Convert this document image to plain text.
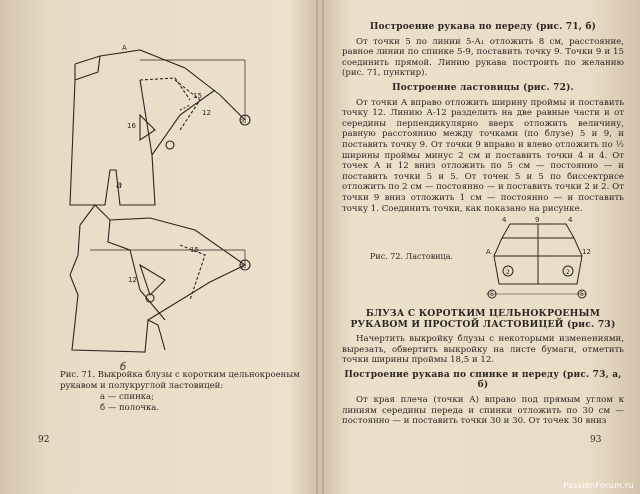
А
15
12
16	20
15
12
20
а
б
Рис. 71. Выкройка блузы с коротким цельнокроеным рукавом и полукруглой ластовицей:
а — спинка;
б — полочка.
92
Построение рукава по переду (рис. 71, б)

От точки 5 по линии 5-А₁ отложить 8 см, расстояние, равное линии по спинке 5-9, поставить точку 9. Точки 9 и 15 соединить прямой. Линию рукава построить по желанию (рис. 71, пунктир).

Построение ластовицы (рис. 72).

От точки А вправо отложить ширину проймы и поставить точку 12. Линию А-12 разделить на две равные части и от середины перпендикулярно вверх отложить величину, равную расстоянию между точками (по блузе) 5 и 9, и поставить точку 9. От точки 9 вправо и влево отложить по ½ ширины проймы минус 2 см и поставить точки 4 и 4. От точек А и 12 вниз отложить по 5 см — постоянно — и поставить точки 5 и 5. От точек 5 и 5 по биссектрисе отложить по 2 см — постоянно — и поставить точки 2 и 2. От точки 9 вниз отложить 1 см — постоянно — и поставить точку 1. Соединить точки, как показано на рисунке.

Рис. 72. Ластовица.
4	9	4
А	12
2	2
5	5
БЛУЗА С КОРОТКИМ ЦЕЛЬНОКРОЕНЫМ РУКАВОМ И ПРОСТОЙ ЛАСТОВИЦЕЙ (рис. 73)

Начертить выкройку блузы с некоторыми изменениями, вырезать, обвертить выкройку на листе бумаги, отметить точки ширины проймы 18,5 и 12.

Построение рукава по спинке и переду (рис. 73, а, б)

От края плеча (точки А) вправо под прямым углом к линиям середины переда и спинки отложить по 30 см — постоянно — и поставить точки 30 и 30. От точек 30 вниз

93
PassionForum.ru
